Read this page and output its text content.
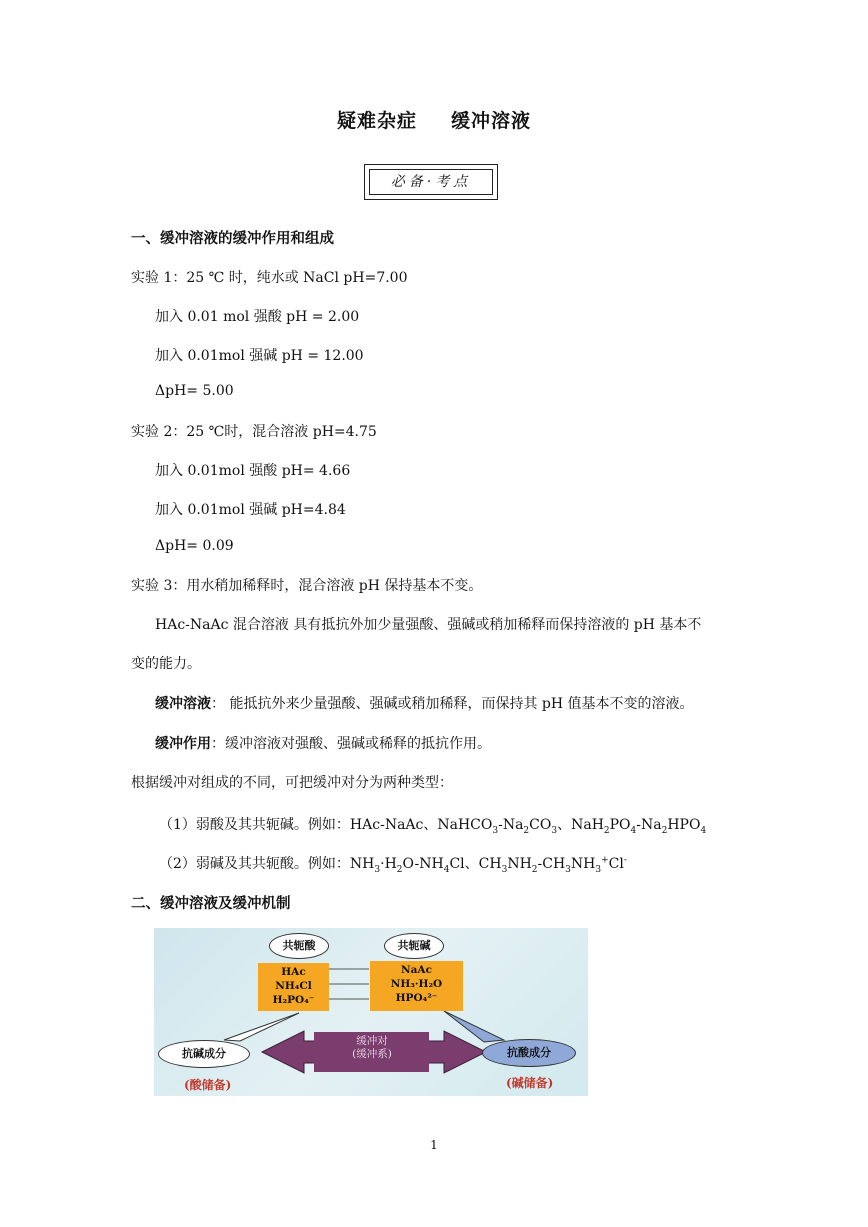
疑难杂症 缓冲溶液
必备·考点
一、缓冲溶液的缓冲作用和组成
实验 1：25 ℃ 时，纯水或 NaCl pH=7.00
加入 0.01 mol 强酸 pH = 2.00
加入 0.01mol 强碱 pH = 12.00
ΔpH= 5.00
实验 2：25 ℃时，混合溶液 pH=4.75
加入 0.01mol 强酸 pH= 4.66
加入 0.01mol 强碱 pH=4.84
ΔpH= 0.09
实验 3：用水稍加稀释时，混合溶液 pH 保持基本不变。
HAc-NaAc 混合溶液 具有抵抗外加少量强酸、强碱或稍加稀释而保持溶液的 pH 基本不
变的能力。
缓冲溶液： 能抵抗外来少量强酸、强碱或稍加稀释，而保持其 pH 值基本不变的溶液。
缓冲作用：缓冲溶液对强酸、强碱或稀释的抵抗作用。
根据缓冲对组成的不同，可把缓冲对分为两种类型：
（1）弱酸及其共轭碱。例如：HAc-NaAc、$NaHCO_3-Na_2CO_3$、$NaH_2PO_4-Na_2HPO_4$
（2）弱碱及其共轭酸。例如：$NH_3\cdot H_2O-NH_4Cl$、$CH_3NH_2-CH_3NH_3^+Cl^-$
二、缓冲溶液及缓冲机制
共轭酸	共轭碱
HAc
NH₄Cl
H₂PO₄⁻
NaAc
NH₃·H₂O
HPO₄²⁻
缓冲对
(缓冲系)
抗碱成分	抗酸成分
(酸储备)	(碱储备)
1
